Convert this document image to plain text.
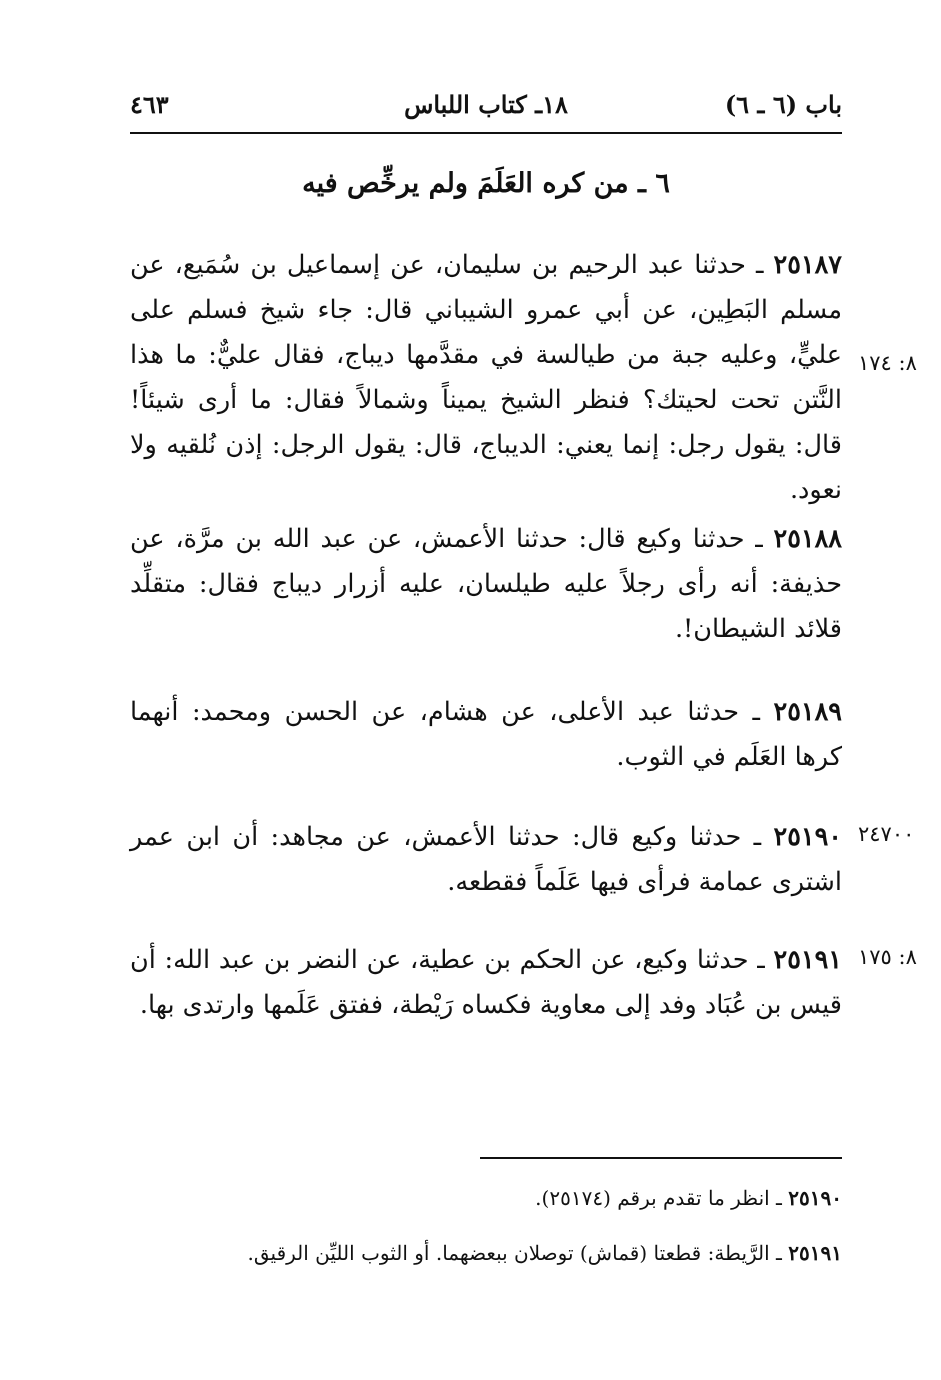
باب (٦ ـ ٦)
١٨ـ كتاب اللباس
٤٦٣
٦ ـ من كره العَلَمَ ولم يرخِّص فيه
٢٥١٨٧ ـ حدثنا عبد الرحيم بن سليمان، عن إسماعيل بن سُمَيع، عن مسلم البَطِين، عن أبي عمرو الشيباني قال: جاء شيخ فسلم على عليٍّ، وعليه جبة من طيالسة في مقدَّمها ديباج، فقال عليٌّ: ما هذا النَّتن تحت لحيتك؟ فنظر الشيخ يميناً وشمالاً فقال: ما أرى شيئاً! قال: يقول رجل: إنما يعني: الديباج، قال: يقول الرجل: إذن نُلقيه ولا نعود.
٨: ١٧٤
٢٥١٨٨ ـ حدثنا وكيع قال: حدثنا الأعمش، عن عبد الله بن مرَّة، عن حذيفة: أنه رأى رجلاً عليه طيلسان، عليه أزرار ديباج فقال: متقلِّد قلائد الشيطان!.
٢٥١٨٩ ـ حدثنا عبد الأعلى، عن هشام، عن الحسن ومحمد: أنهما كرها العَلَم في الثوب.
٢٥١٩٠ ـ حدثنا وكيع قال: حدثنا الأعمش، عن مجاهد: أن ابن عمر اشترى عمامة فرأى فيها عَلَماً فقطعه.
٢٤٧٠٠
٢٥١٩١ ـ حدثنا وكيع، عن الحكم بن عطية، عن النضر بن عبد الله: أن قيس بن عُبَاد وفد إلى معاوية فكساه رَيْطة، ففتق عَلَمها وارتدى بها.
٨: ١٧٥
٢٥١٩٠ ـ انظر ما تقدم برقم (٢٥١٧٤).
٢٥١٩١ ـ الرَّيطة: قطعتا (قماش) توصلان ببعضهما. أو الثوب الليِّن الرقيق.
